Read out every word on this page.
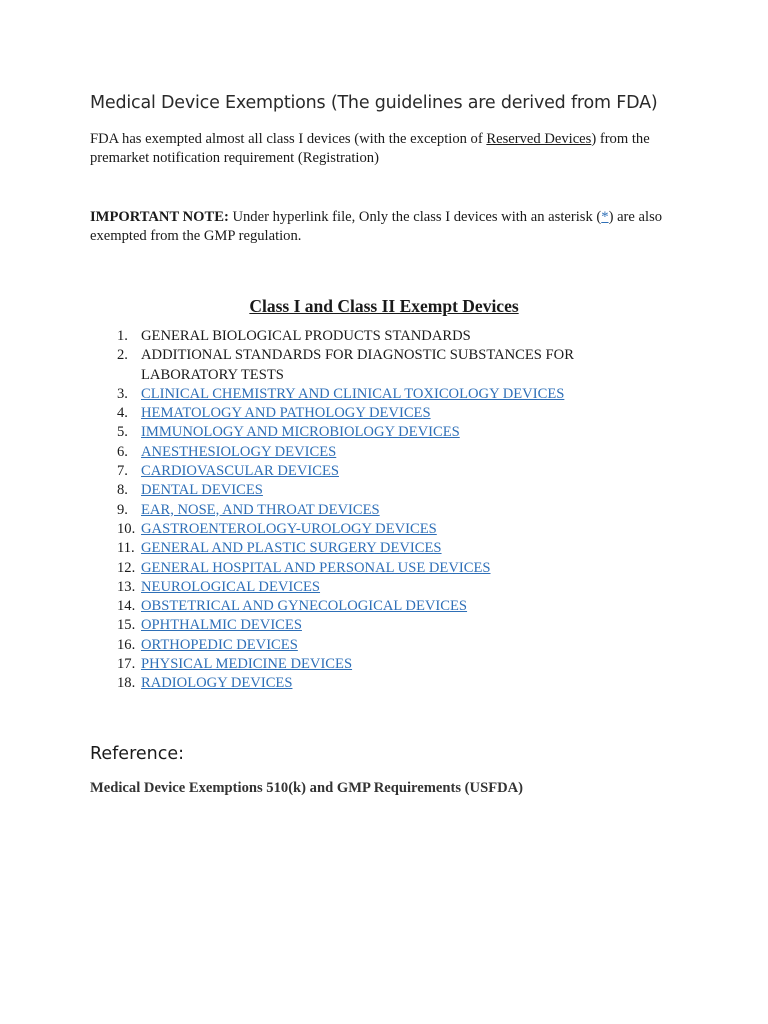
Medical Device Exemptions (The guidelines are derived from FDA)
FDA has exempted almost all class I devices (with the exception of Reserved Devices) from the premarket notification requirement (Registration)
IMPORTANT NOTE: Under hyperlink file, Only the class I devices with an asterisk (*) are also exempted from the GMP regulation.
Class I and Class II Exempt Devices
1. GENERAL BIOLOGICAL PRODUCTS STANDARDS
2. ADDITIONAL STANDARDS FOR DIAGNOSTIC SUBSTANCES FOR LABORATORY TESTS
3. CLINICAL CHEMISTRY AND CLINICAL TOXICOLOGY DEVICES
4. HEMATOLOGY AND PATHOLOGY DEVICES
5. IMMUNOLOGY AND MICROBIOLOGY DEVICES
6. ANESTHESIOLOGY DEVICES
7. CARDIOVASCULAR DEVICES
8. DENTAL DEVICES
9. EAR, NOSE, AND THROAT DEVICES
10. GASTROENTEROLOGY-UROLOGY DEVICES
11. GENERAL AND PLASTIC SURGERY DEVICES
12. GENERAL HOSPITAL AND PERSONAL USE DEVICES
13. NEUROLOGICAL DEVICES
14. OBSTETRICAL AND GYNECOLOGICAL DEVICES
15. OPHTHALMIC DEVICES
16. ORTHOPEDIC DEVICES
17. PHYSICAL MEDICINE DEVICES
18. RADIOLOGY DEVICES
Reference:
Medical Device Exemptions 510(k) and GMP Requirements (USFDA)
